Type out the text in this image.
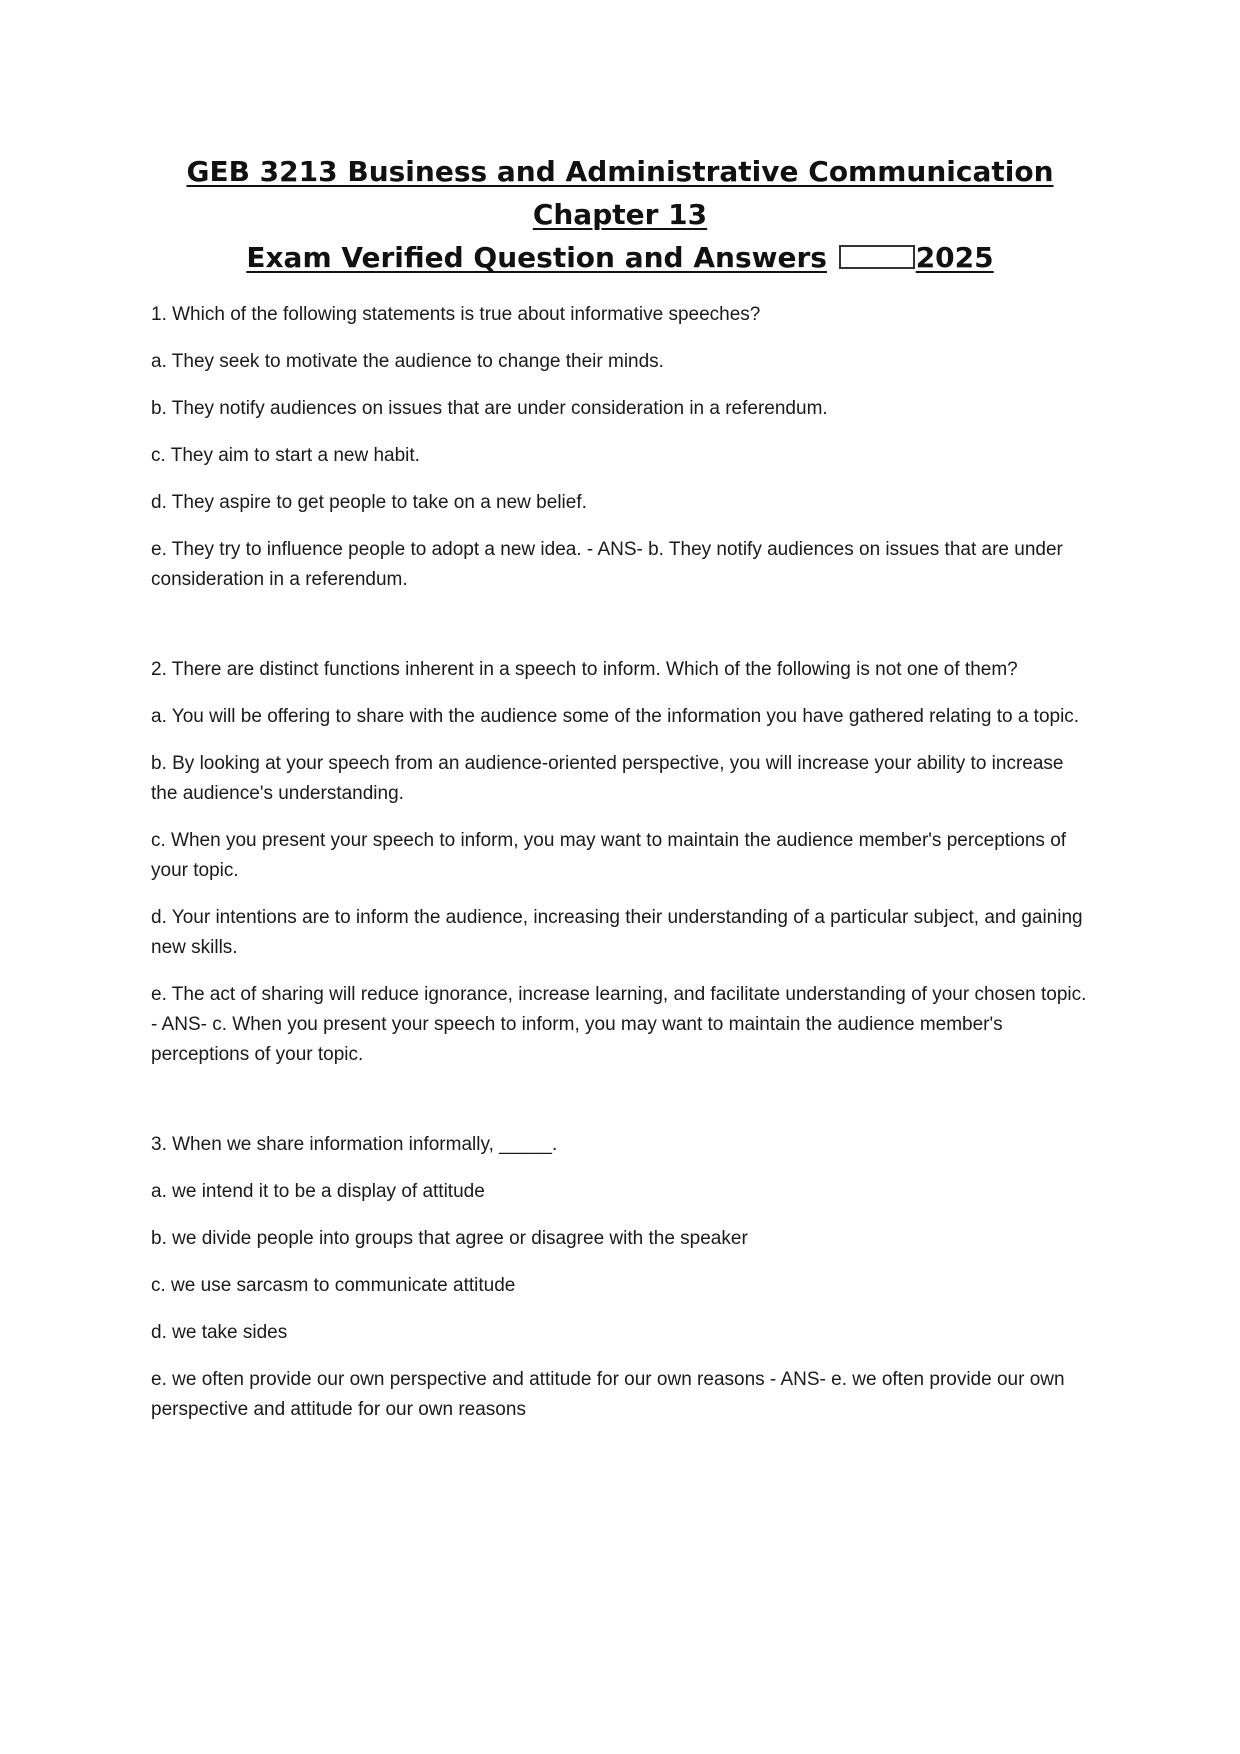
GEB 3213 Business and Administrative Communication Chapter 13
Exam Verified Question and Answers	2025

1. Which of the following statements is true about informative speeches?

a. They seek to motivate the audience to change their minds.

b. They notify audiences on issues that are under consideration in a referendum.

c. They aim to start a new habit.

d. They aspire to get people to take on a new belief.

e. They try to influence people to adopt a new idea. - ANS- b. They notify audiences on issues that are under consideration in a referendum.

2. There are distinct functions inherent in a speech to inform. Which of the following is not one of them?

a. You will be offering to share with the audience some of the information you have gathered relating to a topic.

b. By looking at your speech from an audience-oriented perspective, you will increase your ability to increase the audience's understanding.

c. When you present your speech to inform, you may want to maintain the audience member's perceptions of your topic.

d. Your intentions are to inform the audience, increasing their understanding of a particular subject, and gaining new skills.

e. The act of sharing will reduce ignorance, increase learning, and facilitate understanding of your chosen topic. - ANS- c. When you present your speech to inform, you may want to maintain the audience member's perceptions of your topic.

3. When we share information informally, _____.

a. we intend it to be a display of attitude

b. we divide people into groups that agree or disagree with the speaker

c. we use sarcasm to communicate attitude

d. we take sides

e. we often provide our own perspective and attitude for our own reasons - ANS- e. we often provide our own perspective and attitude for our own reasons
